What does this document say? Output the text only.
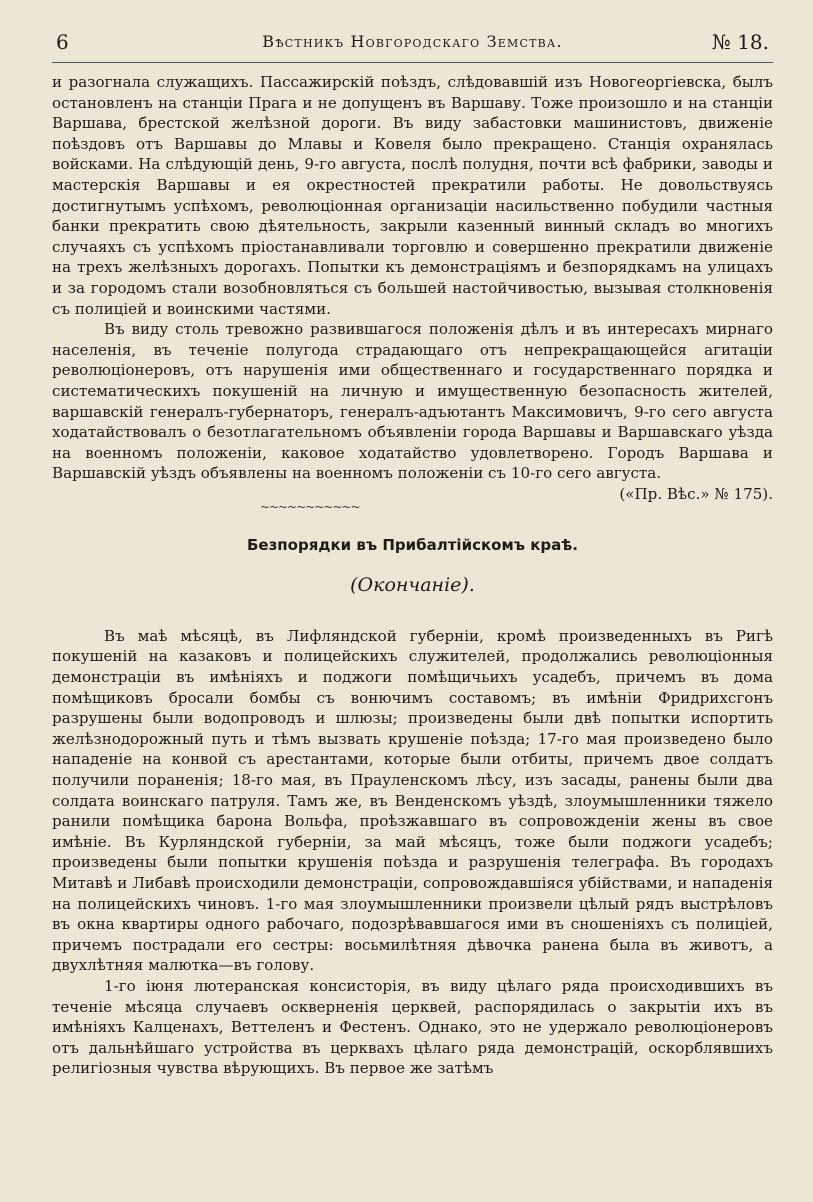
6	Вѣстникъ Новгородскаго Земства.	№ 18.

и разогнала служащихъ. Пассажирскій поѣздъ, слѣдовавшій изъ Новогеоргіевска, былъ остановленъ на станціи Прага и не допущенъ въ Варшаву. Тоже произошло и на станціи Варшава, брестской желѣзной дороги. Въ виду забастовки машинистовъ, движеніе поѣздовъ отъ Варшавы до Млавы и Ковеля было прекращено. Станція охранялась войсками. На слѣдующій день, 9-го августа, послѣ полудня, почти всѣ фабрики, заводы и мастерскія Варшавы и ея окрестностей прекратили работы. Не довольствуясь достигнутымъ успѣхомъ, революціонная организаціи насильственно побудили частныя банки прекратить свою дѣятельность, закрыли казенный винный складъ во многихъ случаяхъ съ успѣхомъ пріостанавливали торговлю и совершенно прекратили движеніе на трехъ желѣзныхъ дорогахъ. Попытки къ демонстраціямъ и безпорядкамъ на улицахъ и за городомъ стали возобновляться съ большей настойчивостью, вызывая столкновенія съ полиціей и воинскими частями.

Въ виду столь тревожно развившагося положенія дѣлъ и въ интересахъ мирнаго населенія, въ теченіе полугода страдающаго отъ непрекращающейся агитаціи революціонеровъ, отъ нарушенія ими общественнаго и государственнаго порядка и систематическихъ покушеній на личную и имущественную безопасность жителей, варшавскій генералъ-губернаторъ, генералъ-адъютантъ Максимовичъ, 9-го сего августа ходатайствовалъ о безотлагательномъ объявленіи города Варшавы и Варшавскаго уѣзда на военномъ положеніи, каковое ходатайство удовлетворено. Городъ Варшава и Варшавскій уѣздъ объявлены на военномъ положеніи съ 10-го сего августа.
(«Пр. Вѣс.» № 175).

~~~~~~~~~~~
Безпорядки въ Прибалтійскомъ краѣ.
(Окончаніе).

Въ маѣ мѣсяцѣ, въ Лифляндской губерніи, кромѣ произведенныхъ въ Ригѣ покушеній на казаковъ и полицейскихъ служителей, продолжались революціонныя демонстраціи въ имѣніяхъ и поджоги помѣщичьихъ усадебъ, причемъ въ дома помѣщиковъ бросали бомбы съ вонючимъ составомъ; въ имѣніи Фридрихсгонъ разрушены были водопроводъ и шлюзы; произведены были двѣ попытки испортить желѣзнодорожный путь и тѣмъ вызвать крушеніе поѣзда; 17-го мая произведено было нападеніе на конвой съ арестантами, которые были отбиты, причемъ двое солдатъ получили пораненія; 18-го мая, въ Прауленскомъ лѣсу, изъ засады, ранены были два солдата воинскаго патруля. Тамъ же, въ Венденскомъ уѣздѣ, злоумышленники тяжело ранили помѣщика барона Вольфа, проѣзжавшаго въ сопровожденіи жены въ свое имѣніе. Въ Курляндской губерніи, за май мѣсяцъ, тоже были поджоги усадебъ; произведены были попытки крушенія поѣзда и разрушенія телеграфа. Въ городахъ Митавѣ и Либавѣ происходили демонстраціи, сопровождавшіяся убійствами, и нападенія на полицейскихъ чиновъ. 1-го мая злоумышленники произвели цѣлый рядъ выстрѣловъ въ окна квартиры одного рабочаго, подозрѣвавшагося ими въ сношеніяхъ съ полиціей, причемъ пострадали его сестры: восьмилѣтняя дѣвочка ранена была въ животъ, а двухлѣтняя малютка—въ голову.

1-го іюня лютеранская консисторія, въ виду цѣлаго ряда происходившихъ въ теченіе мѣсяца случаевъ оскверненія церквей, распорядилась о закрытіи ихъ въ имѣніяхъ Калценахъ, Веттеленъ и Фестенъ. Однако, это не удержало революціонеровъ отъ дальнѣйшаго устройства въ церквахъ цѣлаго ряда демонстрацій, оскорблявшихъ религіозныя чувства вѣрующихъ. Въ первое же затѣмъ
